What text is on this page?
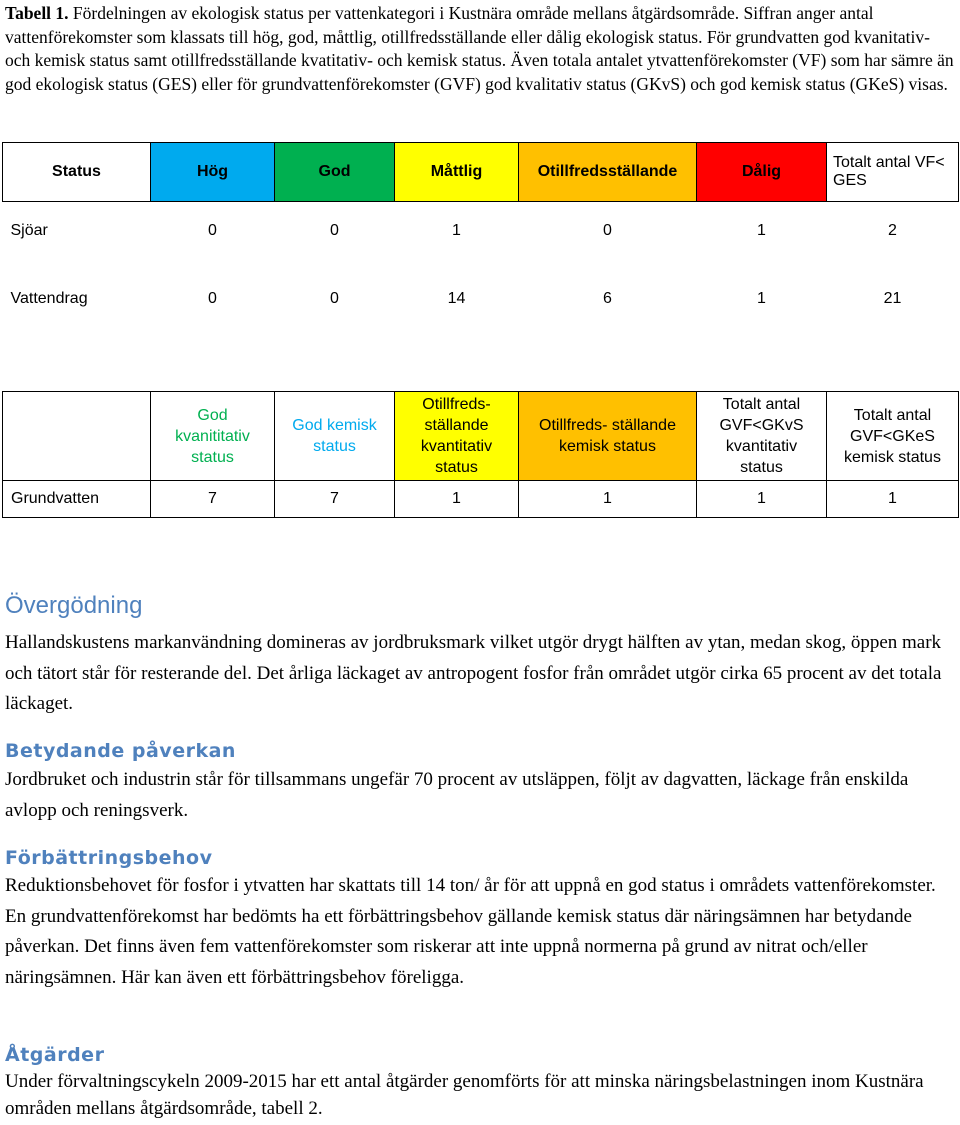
Tabell 1. Fördelningen av ekologisk status per vattenkategori i Kustnära område mellans åtgärdsområde. Siffran anger antal vattenförekomster som klassats till hög, god, måttlig, otillfredsställande eller dålig ekologisk status. För grundvatten god kvanitativ- och kemisk status samt otillfredsställande kvatitativ- och kemisk status. Även totala antalet ytvattenförekomster (VF) som har sämre än god ekologisk status (GES) eller för grundvattenförekomster (GVF) god kvalitativ status (GKvS) och god kemisk status (GKeS) visas.
Status	Hög	God	Måttlig	Otillfredsställande	Dålig	Totalt antal VF< GES
Sjöar	0	0	1	0	1	2
Vattendrag	0	0	14	6	1	21

	God kvanititativ status	God kemisk status	Otillfreds-ställande kvantitativ status	Otillfreds- ställande kemisk status	Totalt antal GVF<GKvS kvantitativ status	Totalt antal GVF<GKeS kemisk status
Grundvatten	7	7	1	1	1	1
Övergödning

Hallandskustens markanvändning domineras av jordbruksmark vilket utgör drygt hälften av ytan, medan skog, öppen mark och tätort står för resterande del. Det årliga läckaget av antropogent fosfor från området utgör cirka 65 procent av det totala läckaget.

Betydande påverkan

Jordbruket och industrin står för tillsammans ungefär 70 procent av utsläppen, följt av dagvatten, läckage från enskilda avlopp och reningsverk.

Förbättringsbehov

Reduktionsbehovet för fosfor i ytvatten har skattats till 14 ton/ år för att uppnå en god status i områdets vattenförekomster. En grundvattenförekomst har bedömts ha ett förbättringsbehov gällande kemisk status där näringsämnen har betydande påverkan. Det finns även fem vattenförekomster som riskerar att inte uppnå normerna på grund av nitrat och/eller näringsämnen. Här kan även ett förbättringsbehov föreligga.

Åtgärder

Under förvaltningscykeln 2009-2015 har ett antal åtgärder genomförts för att minska näringsbelastningen inom Kustnära områden mellans åtgärdsområde, tabell 2.
